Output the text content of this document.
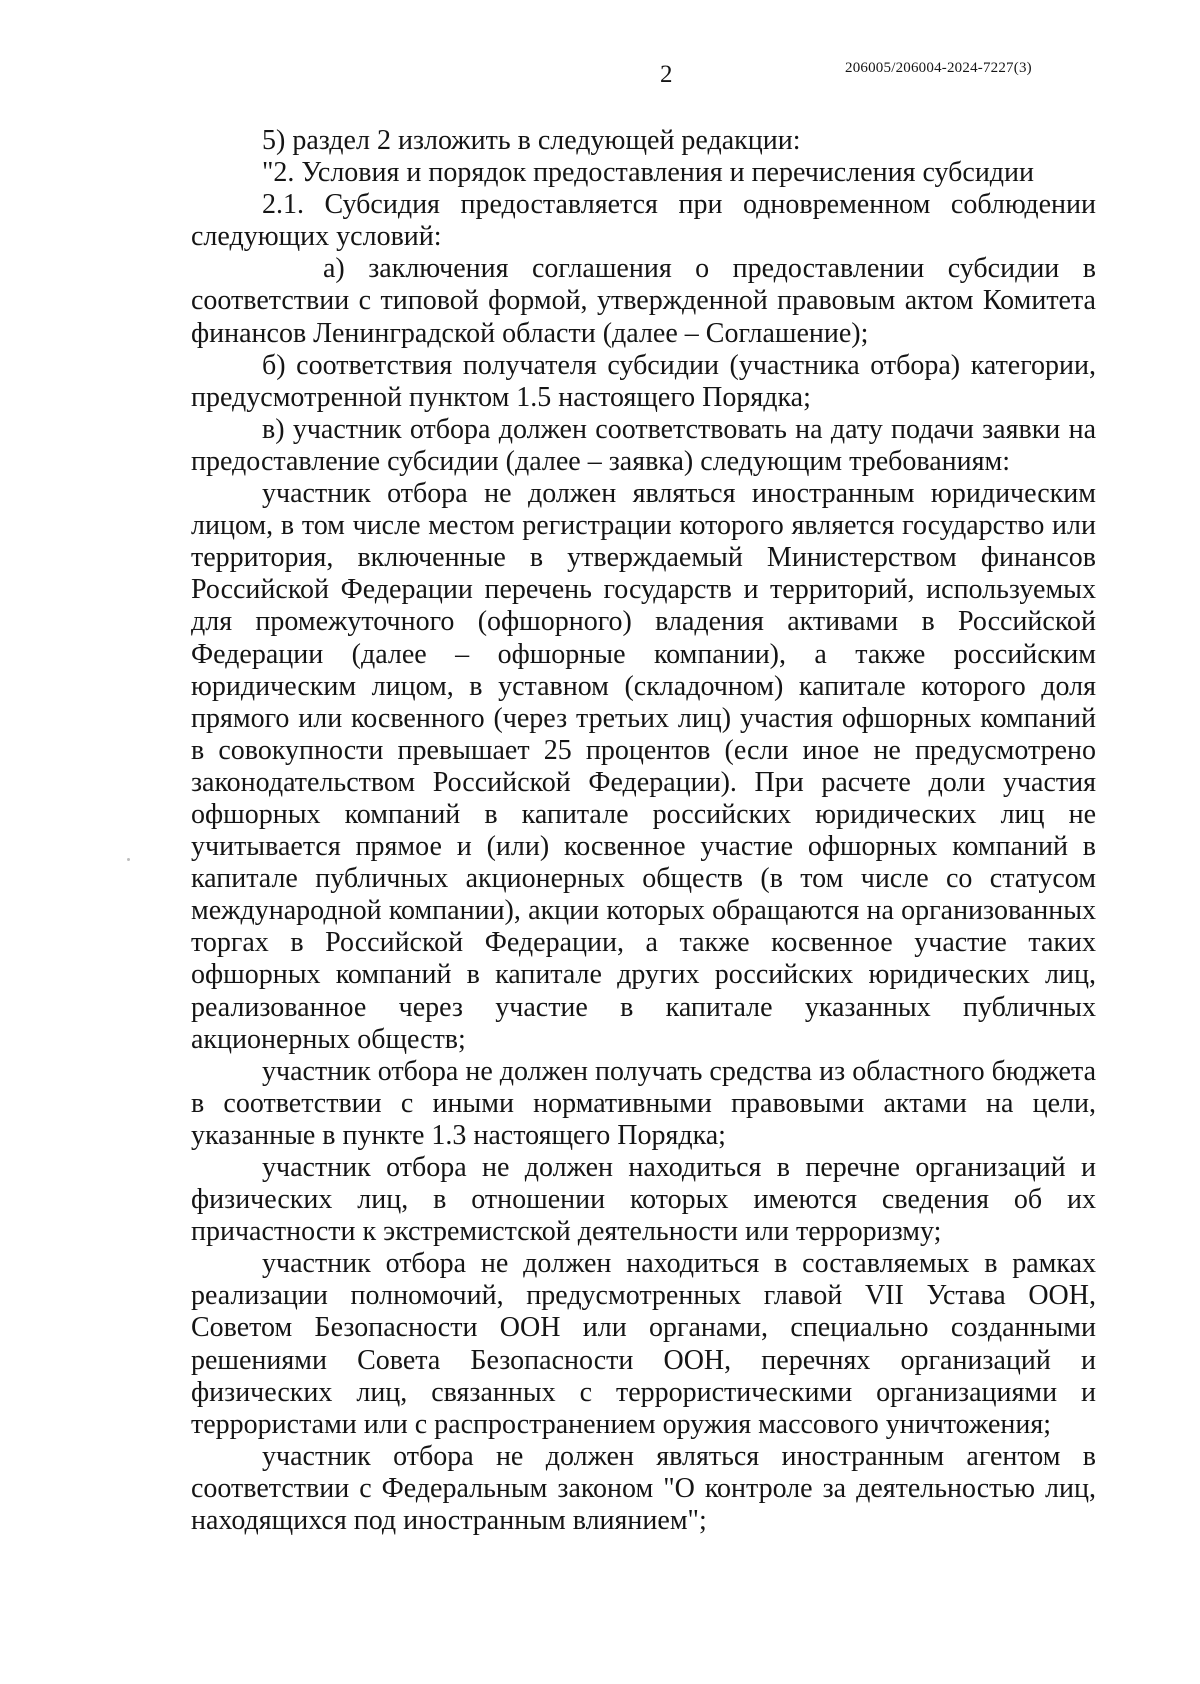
2	206005/206004-2024-7227(3)

5) раздел 2 изложить в следующей редакции:

"2. Условия и порядок предоставления и перечисления субсидии

2.1. Субсидия предоставляется при одновременном соблюдении следующих условий:

а) заключения соглашения о предоставлении субсидии в соответствии с типовой формой, утвержденной правовым актом Комитета финансов Ленинградской области (далее – Соглашение);

б) соответствия получателя субсидии (участника отбора) категории, предусмотренной пунктом 1.5 настоящего Порядка;

в) участник отбора должен соответствовать на дату подачи заявки на предоставление субсидии (далее – заявка) следующим требованиям:

участник отбора не должен являться иностранным юридическим лицом, в том числе местом регистрации которого является государство или территория, включенные в утверждаемый Министерством финансов Российской Федерации перечень государств и территорий, используемых для промежуточного (офшорного) владения активами в Российской Федерации (далее – офшорные компании), а также российским юридическим лицом, в уставном (складочном) капитале которого доля прямого или косвенного (через третьих лиц) участия офшорных компаний в совокупности превышает 25 процентов (если иное не предусмотрено законодательством Российской Федерации). При расчете доли участия офшорных компаний в капитале российских юридических лиц не учитывается прямое и (или) косвенное участие офшорных компаний в капитале публичных акционерных обществ (в том числе со статусом международной компании), акции которых обращаются на организованных торгах в Российской Федерации, а также косвенное участие таких офшорных компаний в капитале других российских юридических лиц, реализованное через участие в капитале указанных публичных акционерных обществ;

участник отбора не должен получать средства из областного бюджета в соответствии с иными нормативными правовыми актами на цели, указанные в пункте 1.3 настоящего Порядка;

участник отбора не должен находиться в перечне организаций и физических лиц, в отношении которых имеются сведения об их причастности к экстремистской деятельности или терроризму;

участник отбора не должен находиться в составляемых в рамках реализации полномочий, предусмотренных главой VII Устава ООН, Советом Безопасности ООН или органами, специально созданными решениями Совета Безопасности ООН, перечнях организаций и физических лиц, связанных с террористическими организациями и террористами или с распространением оружия массового уничтожения;

участник отбора не должен являться иностранным агентом в соответствии с Федеральным законом "О контроле за деятельностью лиц, находящихся под иностранным влиянием";
